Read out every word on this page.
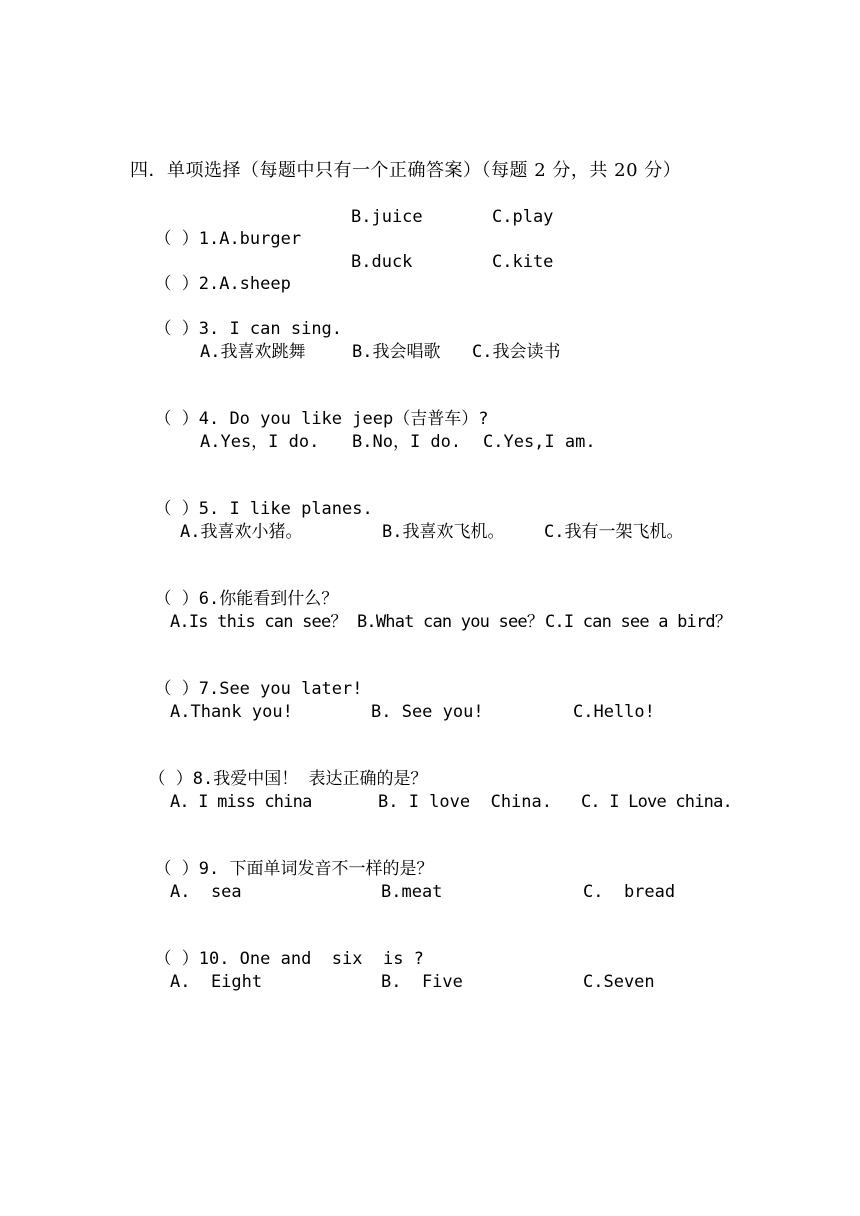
四．单项选择（每题中只有一个正确答案）（每题 2 分，共 20 分）

（ ）1.A.burger

B.juice

	C.play

（ ）2.A.sheep

B.duck

	C.kite

（ ）3. I can sing.

A.我喜欢跳舞

	B.我会唱歌

C.我会读书

（ ）4. Do you like jeep（吉普车）?

A.Yes，I do.

B.No，I do.

C.Yes,I am.

（ ）5. I like planes.

A.我喜欢小猪。

	B.我喜欢飞机。

C.我有一架飞机。

（ ）6.你能看到什么？

A.Is this can see？

B.What can you see？

C.I can see a bird？

（ ）7.See you later!

A.Thank you!

	B. See you!

	C.Hello!

（ ）8.我爱中国！ 表达正确的是？

A. I miss china

	B. I love  China.

C. I Love china.

（ ）9. 下面单词发音不一样的是？

A.  sea

	B.meat

	C.  bread

（ ）10. One and  six  is ?

A.  Eight

	B.  Five

	C.Seven
